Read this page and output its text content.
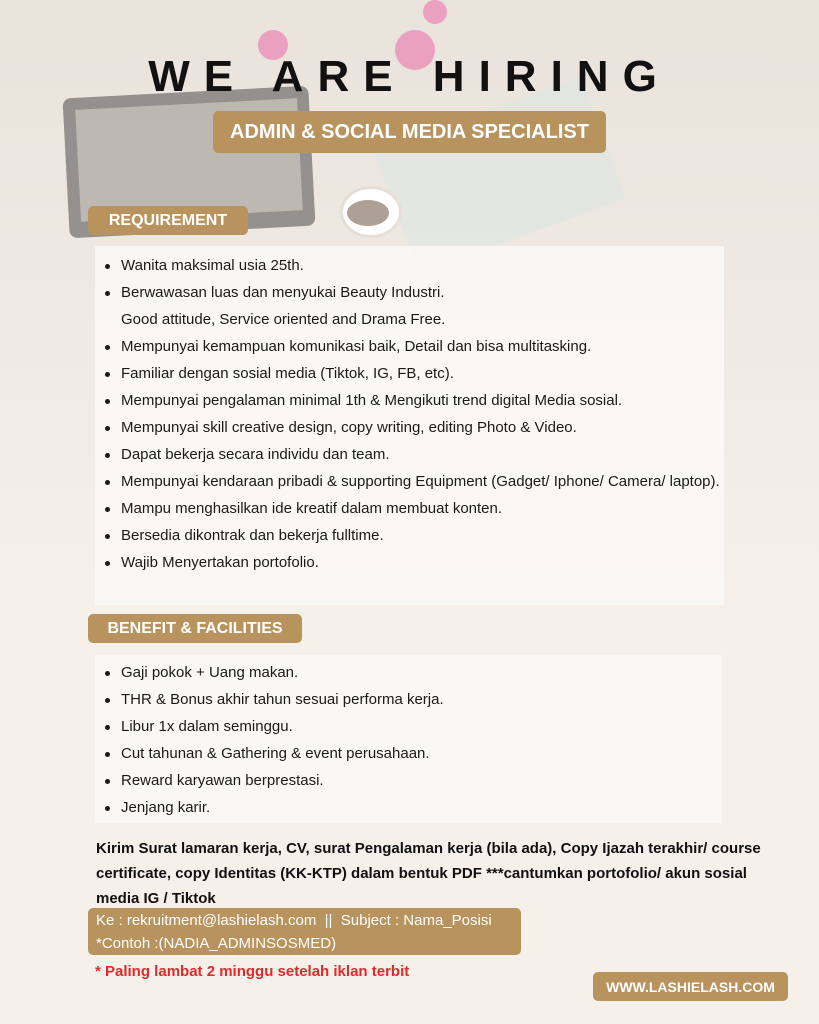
WE ARE HIRING
ADMIN & SOCIAL MEDIA SPECIALIST
REQUIREMENT
Wanita maksimal usia 25th.
Berwawasan luas dan menyukai Beauty Industri.
Good attitude, Service oriented and Drama Free.
Mempunyai kemampuan komunikasi baik, Detail dan bisa multitasking.
Familiar dengan sosial media (Tiktok, IG, FB, etc).
Mempunyai pengalaman minimal 1th & Mengikuti trend digital Media sosial.
Mempunyai skill creative design, copy writing, editing Photo & Video.
Dapat bekerja secara individu dan team.
Mempunyai kendaraan pribadi & supporting Equipment (Gadget/ Iphone/ Camera/ laptop).
Mampu menghasilkan ide kreatif dalam membuat konten.
Bersedia dikontrak dan bekerja fulltime.
Wajib Menyertakan portofolio.
BENEFIT & FACILITIES
Gaji pokok + Uang makan.
THR & Bonus akhir tahun sesuai performa kerja.
Libur 1x dalam seminggu.
Cut tahunan & Gathering & event perusahaan.
Reward karyawan berprestasi.
Jenjang karir.
Kirim Surat lamaran kerja, CV, surat Pengalaman kerja (bila ada), Copy Ijazah terakhir/ course certificate, copy Identitas (KK-KTP) dalam bentuk PDF ***cantumkan portofolio/ akun sosial media IG / Tiktok
Ke : rekruitment@lashielash.com  ||  Subject : Nama_Posisi
*Contoh :(NADIA_ADMINSOSMED)
* Paling lambat 2 minggu setelah iklan terbit
WWW.LASHIELASH.COM
